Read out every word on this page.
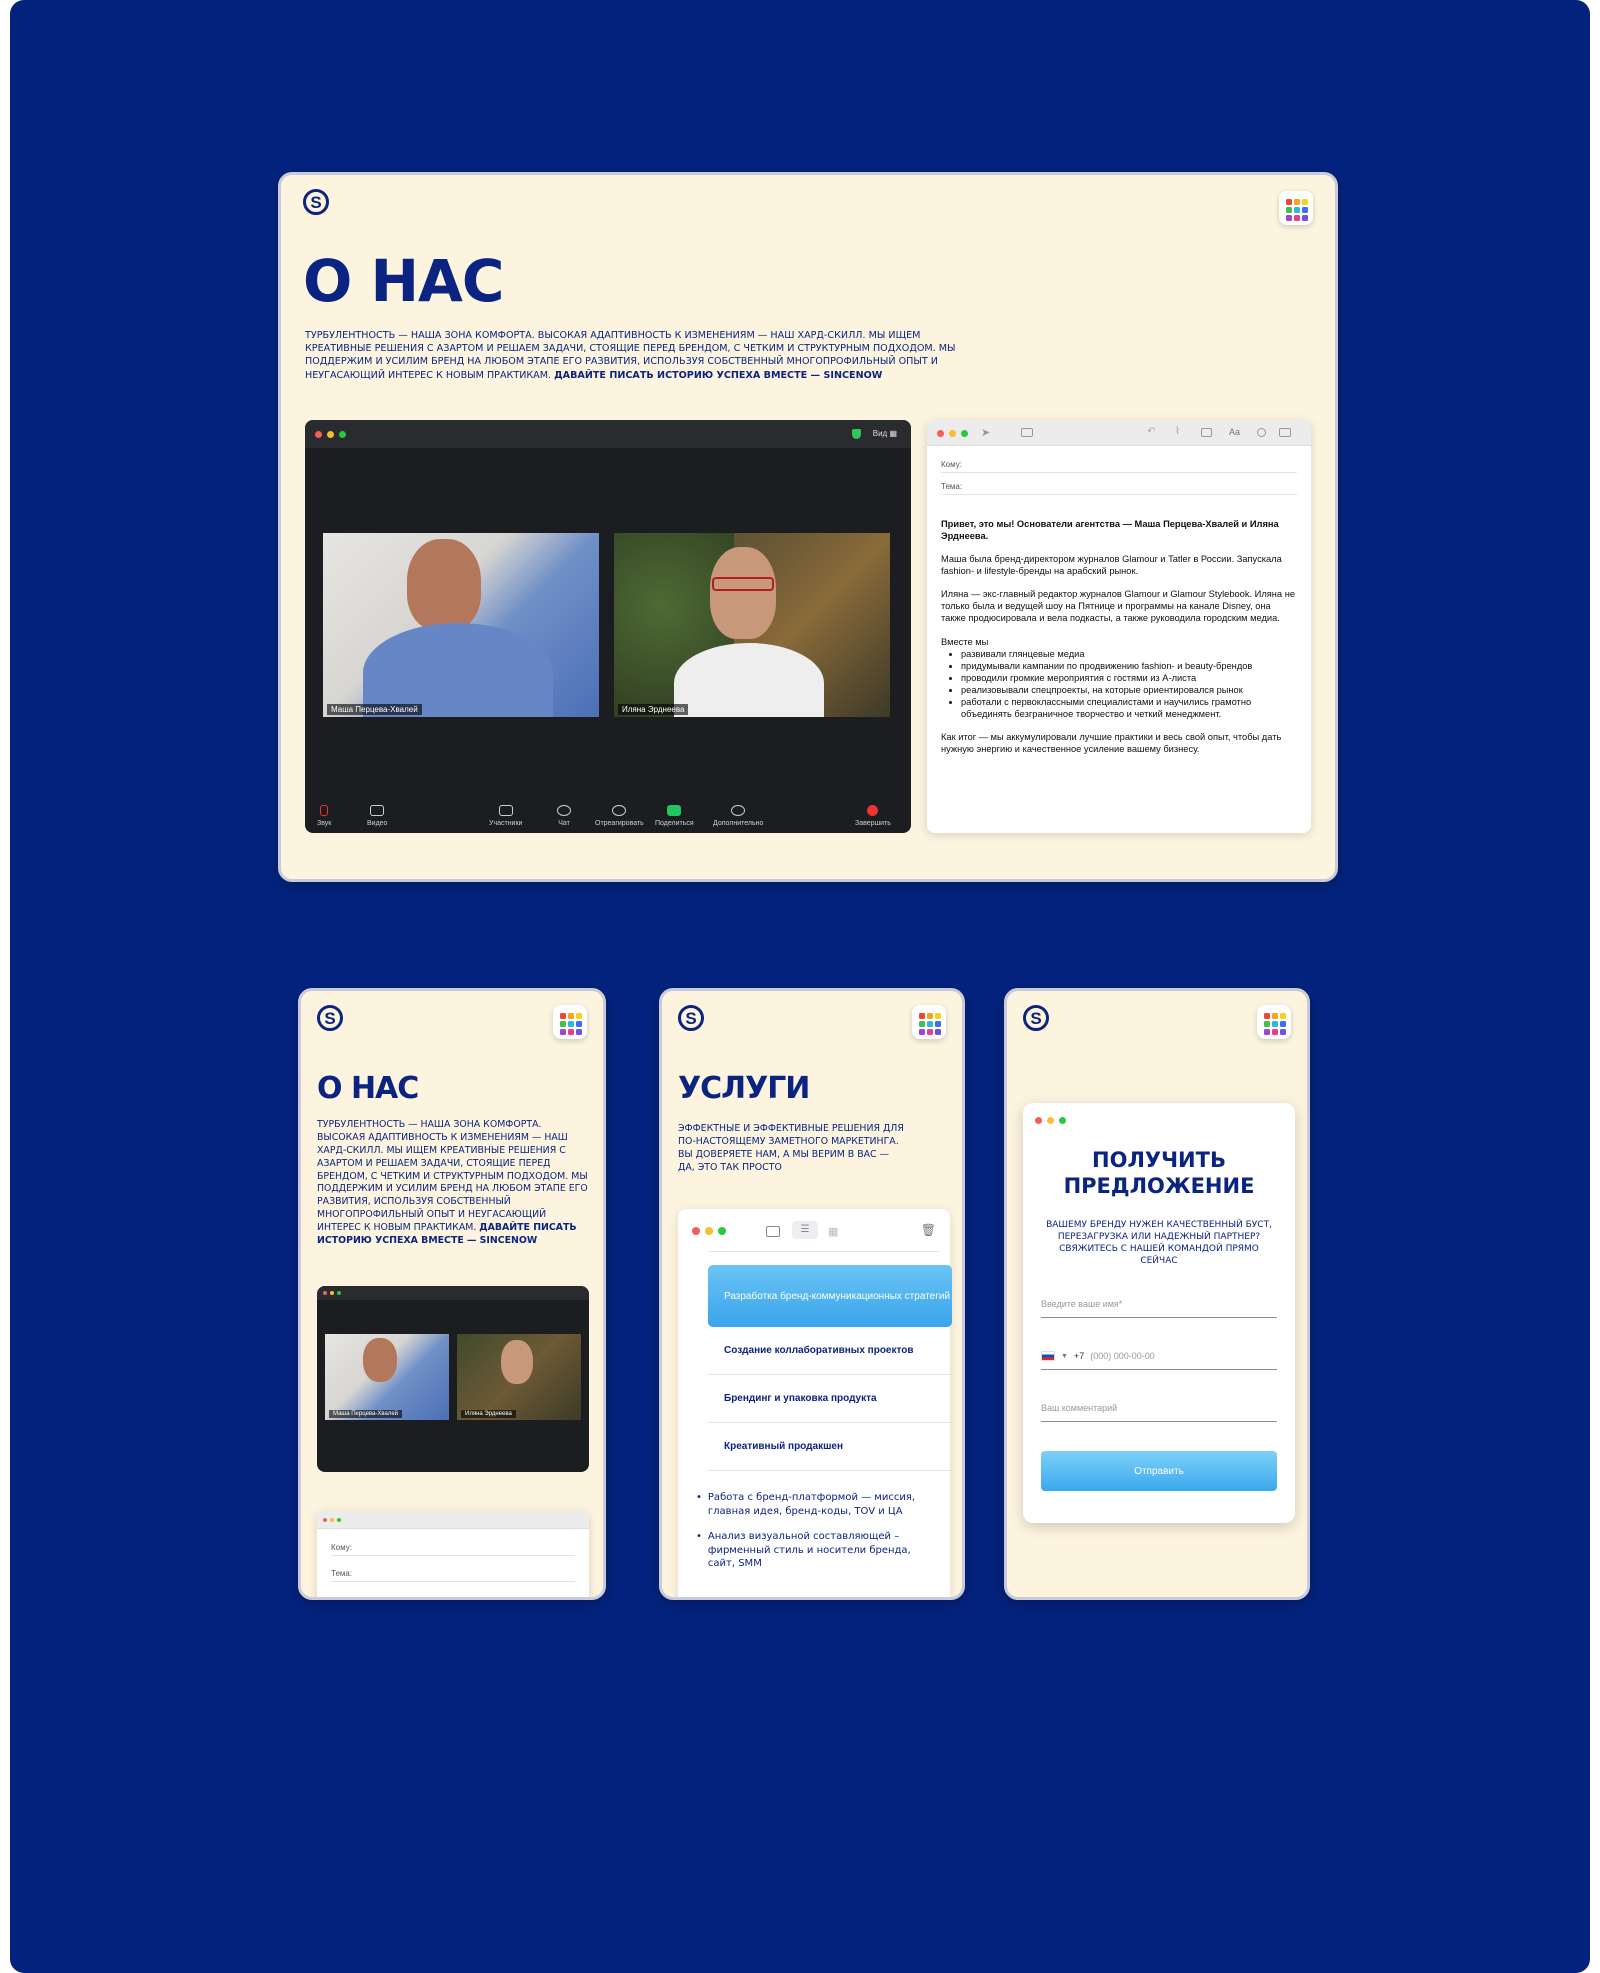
S
О НАС
ТУРБУЛЕНТНОСТЬ — НАША ЗОНА КОМФОРТА. ВЫСОКАЯ АДАПТИВНОСТЬ К ИЗМЕНЕНИЯМ — НАШ ХАРД-СКИЛЛ. МЫ ИЩЕМ КРЕАТИВНЫЕ РЕШЕНИЯ С АЗАРТОМ И РЕШАЕМ ЗАДАЧИ, СТОЯЩИЕ ПЕРЕД БРЕНДОМ, С ЧЕТКИМ И СТРУКТУРНЫМ ПОДХОДОМ. МЫ ПОДДЕРЖИМ И УСИЛИМ БРЕНД НА ЛЮБОМ ЭТАПЕ ЕГО РАЗВИТИЯ, ИСПОЛЬЗУЯ СОБСТВЕННЫЙ МНОГОПРОФИЛЬНЫЙ ОПЫТ И НЕУГАСАЮЩИЙ ИНТЕРЕС К НОВЫМ ПРАКТИКАМ. ДАВАЙТЕ ПИСАТЬ ИСТОРИЮ УСПЕХА ВМЕСТЕ — SINCENOW
Вид ▦
Маша Перцева-Хвалей	Иляна Эрднеева
Звук	Видео	Участники	Чат	Отреагировать Поделиться	Дополнительно	Завершить
➤	↶ ⌇	Aa
Кому:
Тема:

Привет, это мы! Основатели агентства — Маша Перцева-Хвалей и Иляна Эрднеева.

Маша была бренд-директором журналов Glamour и Tatler в России. Запускала fashion- и lifestyle-бренды на арабский рынок.

Иляна — экс-главный редактор журналов Glamour и Glamour Stylebook. Иляна не только была и ведущей шоу на Пятнице и программы на канале Disney, она также продюсировала и вела подкасты, а также руководила городским медиа.

Вместе мы
• развивали глянцевые медиа
• придумывали кампании по продвижению fashion- и beauty-брендов
• проводили громкие мероприятия с гостями из А-листа
• реализовывали спецпроекты, на которые ориентировался рынок
• работали с первоклассными специалистами и научились грамотно объединять безграничное творчество и четкий менеджмент.

Как итог — мы аккумулировали лучшие практики и весь свой опыт, чтобы дать нужную энергию и качественное усиление вашему бизнесу.

S
О НАС
ТУРБУЛЕНТНОСТЬ — НАША ЗОНА КОМФОРТА. ВЫСОКАЯ АДАПТИВНОСТЬ К ИЗМЕНЕНИЯМ — НАШ ХАРД-СКИЛЛ. МЫ ИЩЕМ КРЕАТИВНЫЕ РЕШЕНИЯ С АЗАРТОМ И РЕШАЕМ ЗАДАЧИ, СТОЯЩИЕ ПЕРЕД БРЕНДОМ, С ЧЕТКИМ И СТРУКТУРНЫМ ПОДХОДОМ. МЫ ПОДДЕРЖИМ И УСИЛИМ БРЕНД НА ЛЮБОМ ЭТАПЕ ЕГО РАЗВИТИЯ, ИСПОЛЬЗУЯ СОБСТВЕННЫЙ МНОГОПРОФИЛЬНЫЙ ОПЫТ И НЕУГАСАЮЩИЙ ИНТЕРЕС К НОВЫМ ПРАКТИКАМ. ДАВАЙТЕ ПИСАТЬ ИСТОРИЮ УСПЕХА ВМЕСТЕ — SINCENOW
Маша Перцева-Хвалей	Иляна Эрднеева
Кому:
Тема:
S
УСЛУГИ
ЭФФЕКТНЫЕ И ЭФФЕКТИВНЫЕ РЕШЕНИЯ ДЛЯ ПО-НАСТОЯЩЕМУ ЗАМЕТНОГО МАРКЕТИНГА. ВЫ ДОВЕРЯЕТЕ НАМ, А МЫ ВЕРИМ В ВАС — ДА, ЭТО ТАК ПРОСТО
☰	▦	🗑
Разработка бренд-коммуникационных стратегий
Создание коллаборативных проектов
Брендинг и упаковка продукта
Креативный продакшен
• Работа с бренд-платформой — миссия, главная идея, бренд-коды, TOV и ЦА
• Анализ визуальной составляющей – фирменный стиль и носители бренда, сайт, SMM
S
ПОЛУЧИТЬ ПРЕДЛОЖЕНИЕ
ВАШЕМУ БРЕНДУ НУЖЕН КАЧЕСТВЕННЫЙ БУСТ, ПЕРЕЗАГРУЗКА ИЛИ НАДЕЖНЫЙ ПАРТНЕР? СВЯЖИТЕСЬ С НАШЕЙ КОМАНДОЙ ПРЯМО СЕЙЧАС
Введите ваше имя*
▼ +7 (000) 000-00-00
Ваш комментарий
Отправить
